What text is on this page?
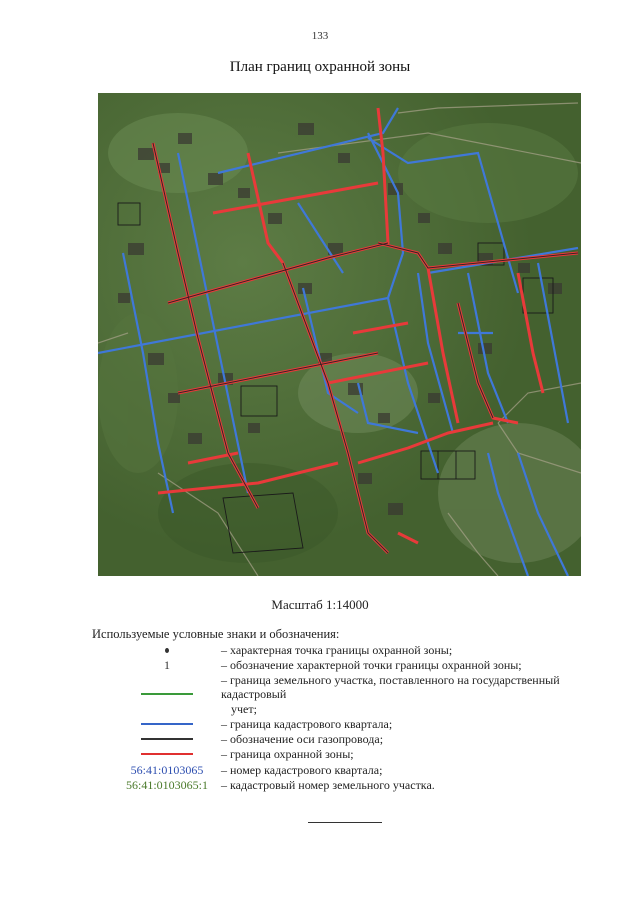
133
План границ охранной зоны
Масштаб 1:14000
Используемые условные знаки и обозначения:
– характерная точка границы охранной зоны;
1	– обозначение характерной точки границы охранной зоны;
– граница земельного участка, поставленного на государственный кадастровый
учет;
– граница кадастрового квартала;
– обозначение оси газопровода;
– граница охранной зоны;
56:41:0103065 – номер кадастрового квартала;
56:41:0103065:1 – кадастровый номер земельного участка.
